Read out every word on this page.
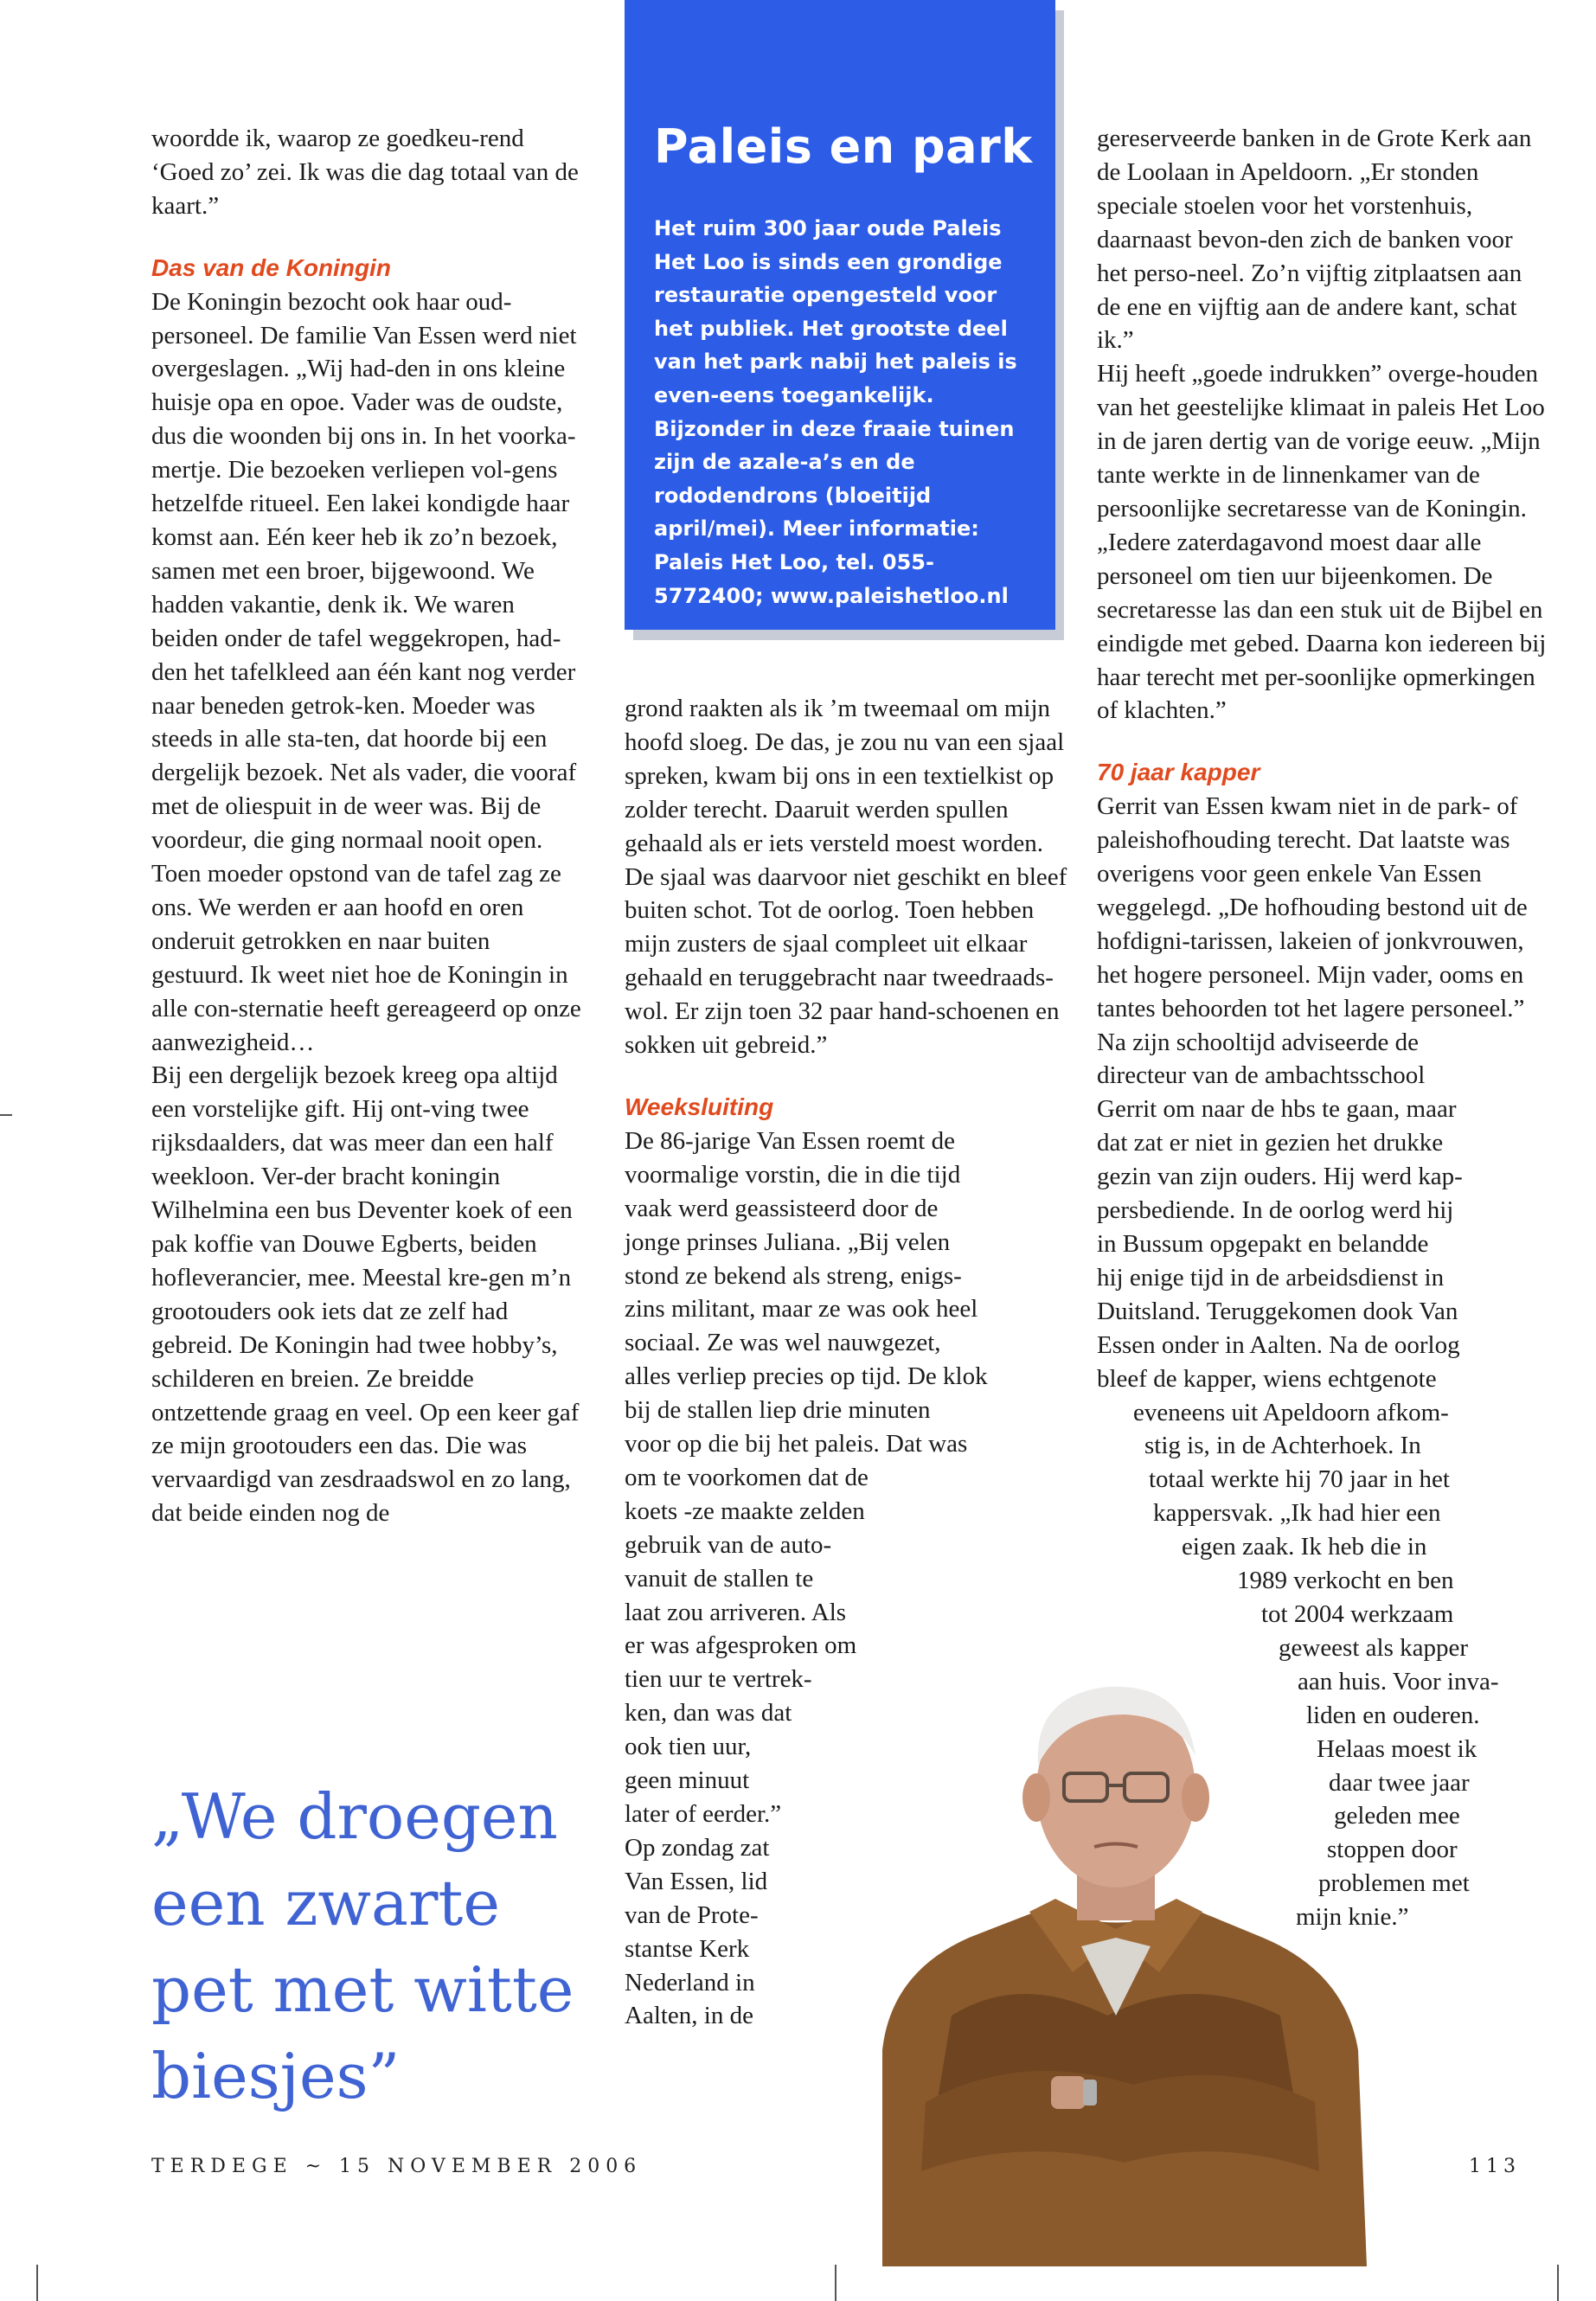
woordde ik, waarop ze goedkeu-rend ‘Goed zo’ zei. Ik was die dag totaal van de kaart.”

Das van de Koningin

De Koningin bezocht ook haar oud-personeel. De familie Van Essen werd niet overgeslagen. „Wij had-den in ons kleine huisje opa en opoe. Vader was de oudste, dus die woonden bij ons in. In het voorka-mertje. Die bezoeken verliepen vol-gens hetzelfde ritueel. Een lakei kondigde haar komst aan. Eén keer heb ik zo’n bezoek, samen met een broer, bijgewoond. We hadden vakantie, denk ik. We waren beiden onder de tafel weggekropen, had-den het tafelkleed aan één kant nog verder naar beneden getrok-ken. Moeder was steeds in alle sta-ten, dat hoorde bij een dergelijk bezoek. Net als vader, die vooraf met de oliespuit in de weer was. Bij de voordeur, die ging normaal nooit open. Toen moeder opstond van de tafel zag ze ons. We werden er aan hoofd en oren onderuit getrokken en naar buiten gestuurd. Ik weet niet hoe de Koningin in alle con-sternatie heeft gereageerd op onze aanwezigheid…

Bij een dergelijk bezoek kreeg opa altijd een vorstelijke gift. Hij ont-ving twee rijksdaalders, dat was meer dan een half weekloon. Ver-der bracht koningin Wilhelmina een bus Deventer koek of een pak koffie van Douwe Egberts, beiden hofleverancier, mee. Meestal kre-gen m’n grootouders ook iets dat ze zelf had gebreid. De Koningin had twee hobby’s, schilderen en breien. Ze breidde ontzettende graag en veel. Op een keer gaf ze mijn grootouders een das. Die was vervaardigd van zesdraadswol en zo lang, dat beide einden nog de

„We droegen een zwarte pet met witte biesjes”
Paleis en park
Het ruim 300 jaar oude Paleis Het Loo is sinds een grondige restauratie opengesteld voor het publiek. Het grootste deel van het park nabij het paleis is even-eens toegankelijk. Bijzonder in deze fraaie tuinen zijn de azale-a’s en de rododendrons (bloeitijd april/mei). Meer informatie: Paleis Het Loo, tel. 055-5772400; www.paleishetloo.nl

grond raakten als ik ’m tweemaal om mijn hoofd sloeg. De das, je zou nu van een sjaal spreken, kwam bij ons in een textielkist op zolder terecht. Daaruit werden spullen gehaald als er iets versteld moest worden. De sjaal was daarvoor niet geschikt en bleef buiten schot. Tot de oorlog. Toen hebben mijn zusters de sjaal compleet uit elkaar gehaald en teruggebracht naar tweedraads-wol. Er zijn toen 32 paar hand-schoenen en sokken uit gebreid.”

Weeksluiting

De 86-jarige Van Essen roemt de
voormalige vorstin, die in die tijd
vaak werd geassisteerd door de
jonge prinses Juliana. „Bij velen
stond ze bekend als streng, enigs-
zins militant, maar ze was ook heel
sociaal. Ze was wel nauwgezet,
alles verliep precies op tijd. De klok
bij de stallen liep drie minuten
voor op die bij het paleis. Dat was
om te voorkomen dat de
koets -ze maakte zelden
gebruik van de auto-
vanuit de stallen te
laat zou arriveren. Als
er was afgesproken om
tien uur te vertrek-
ken, dan was dat
ook tien uur,
geen minuut
later of eerder.”
Op zondag zat
Van Essen, lid
van de Prote-
stantse Kerk
Nederland in
Aalten, in de

gereserveerde banken in de Grote Kerk aan de Loolaan in Apeldoorn. „Er stonden speciale stoelen voor het vorstenhuis, daarnaast bevon-den zich de banken voor het perso-neel. Zo’n vijftig zitplaatsen aan de ene en vijftig aan de andere kant, schat ik.”

Hij heeft „goede indrukken” overge-houden van het geestelijke klimaat in paleis Het Loo in de jaren dertig van de vorige eeuw. „Mijn tante werkte in de linnenkamer van de persoonlijke secretaresse van de Koningin. „Iedere zaterdagavond moest daar alle personeel om tien uur bijeenkomen. De secretaresse las dan een stuk uit de Bijbel en eindigde met gebed. Daarna kon iedereen bij haar terecht met per-soonlijke opmerkingen of klachten.”

70 jaar kapper

Gerrit van Essen kwam niet in de park- of paleishofhouding terecht. Dat laatste was overigens voor geen enkele Van Essen weggelegd. „De hofhouding bestond uit de hofdigni-tarissen, lakeien of jonkvrouwen, het hogere personeel. Mijn vader, ooms en tantes behoorden tot het lagere personeel.”

Na zijn schooltijd adviseerde de
directeur van de ambachtsschool
Gerrit om naar de hbs te gaan, maar
dat zat er niet in gezien het drukke
gezin van zijn ouders. Hij werd kap-
persbediende. In de oorlog werd hij
in Bussum opgepakt en belandde
hij enige tijd in de arbeidsdienst in
Duitsland. Teruggekomen dook Van
Essen onder in Aalten. Na de oorlog
bleef de kapper, wiens echtgenote
eveneens uit Apeldoorn afkom-
stig is, in de Achterhoek. In
totaal werkte hij 70 jaar in het
kappersvak. „Ik had hier een
eigen zaak. Ik heb die in
1989 verkocht en ben
tot 2004 werkzaam
geweest als kapper
aan huis. Voor inva-
liden en ouderen.
Helaas moest ik
daar twee jaar
geleden mee
stoppen door
problemen met
mijn knie.”
TERDEGE ~ 15 NOVEMBER 2006	113
